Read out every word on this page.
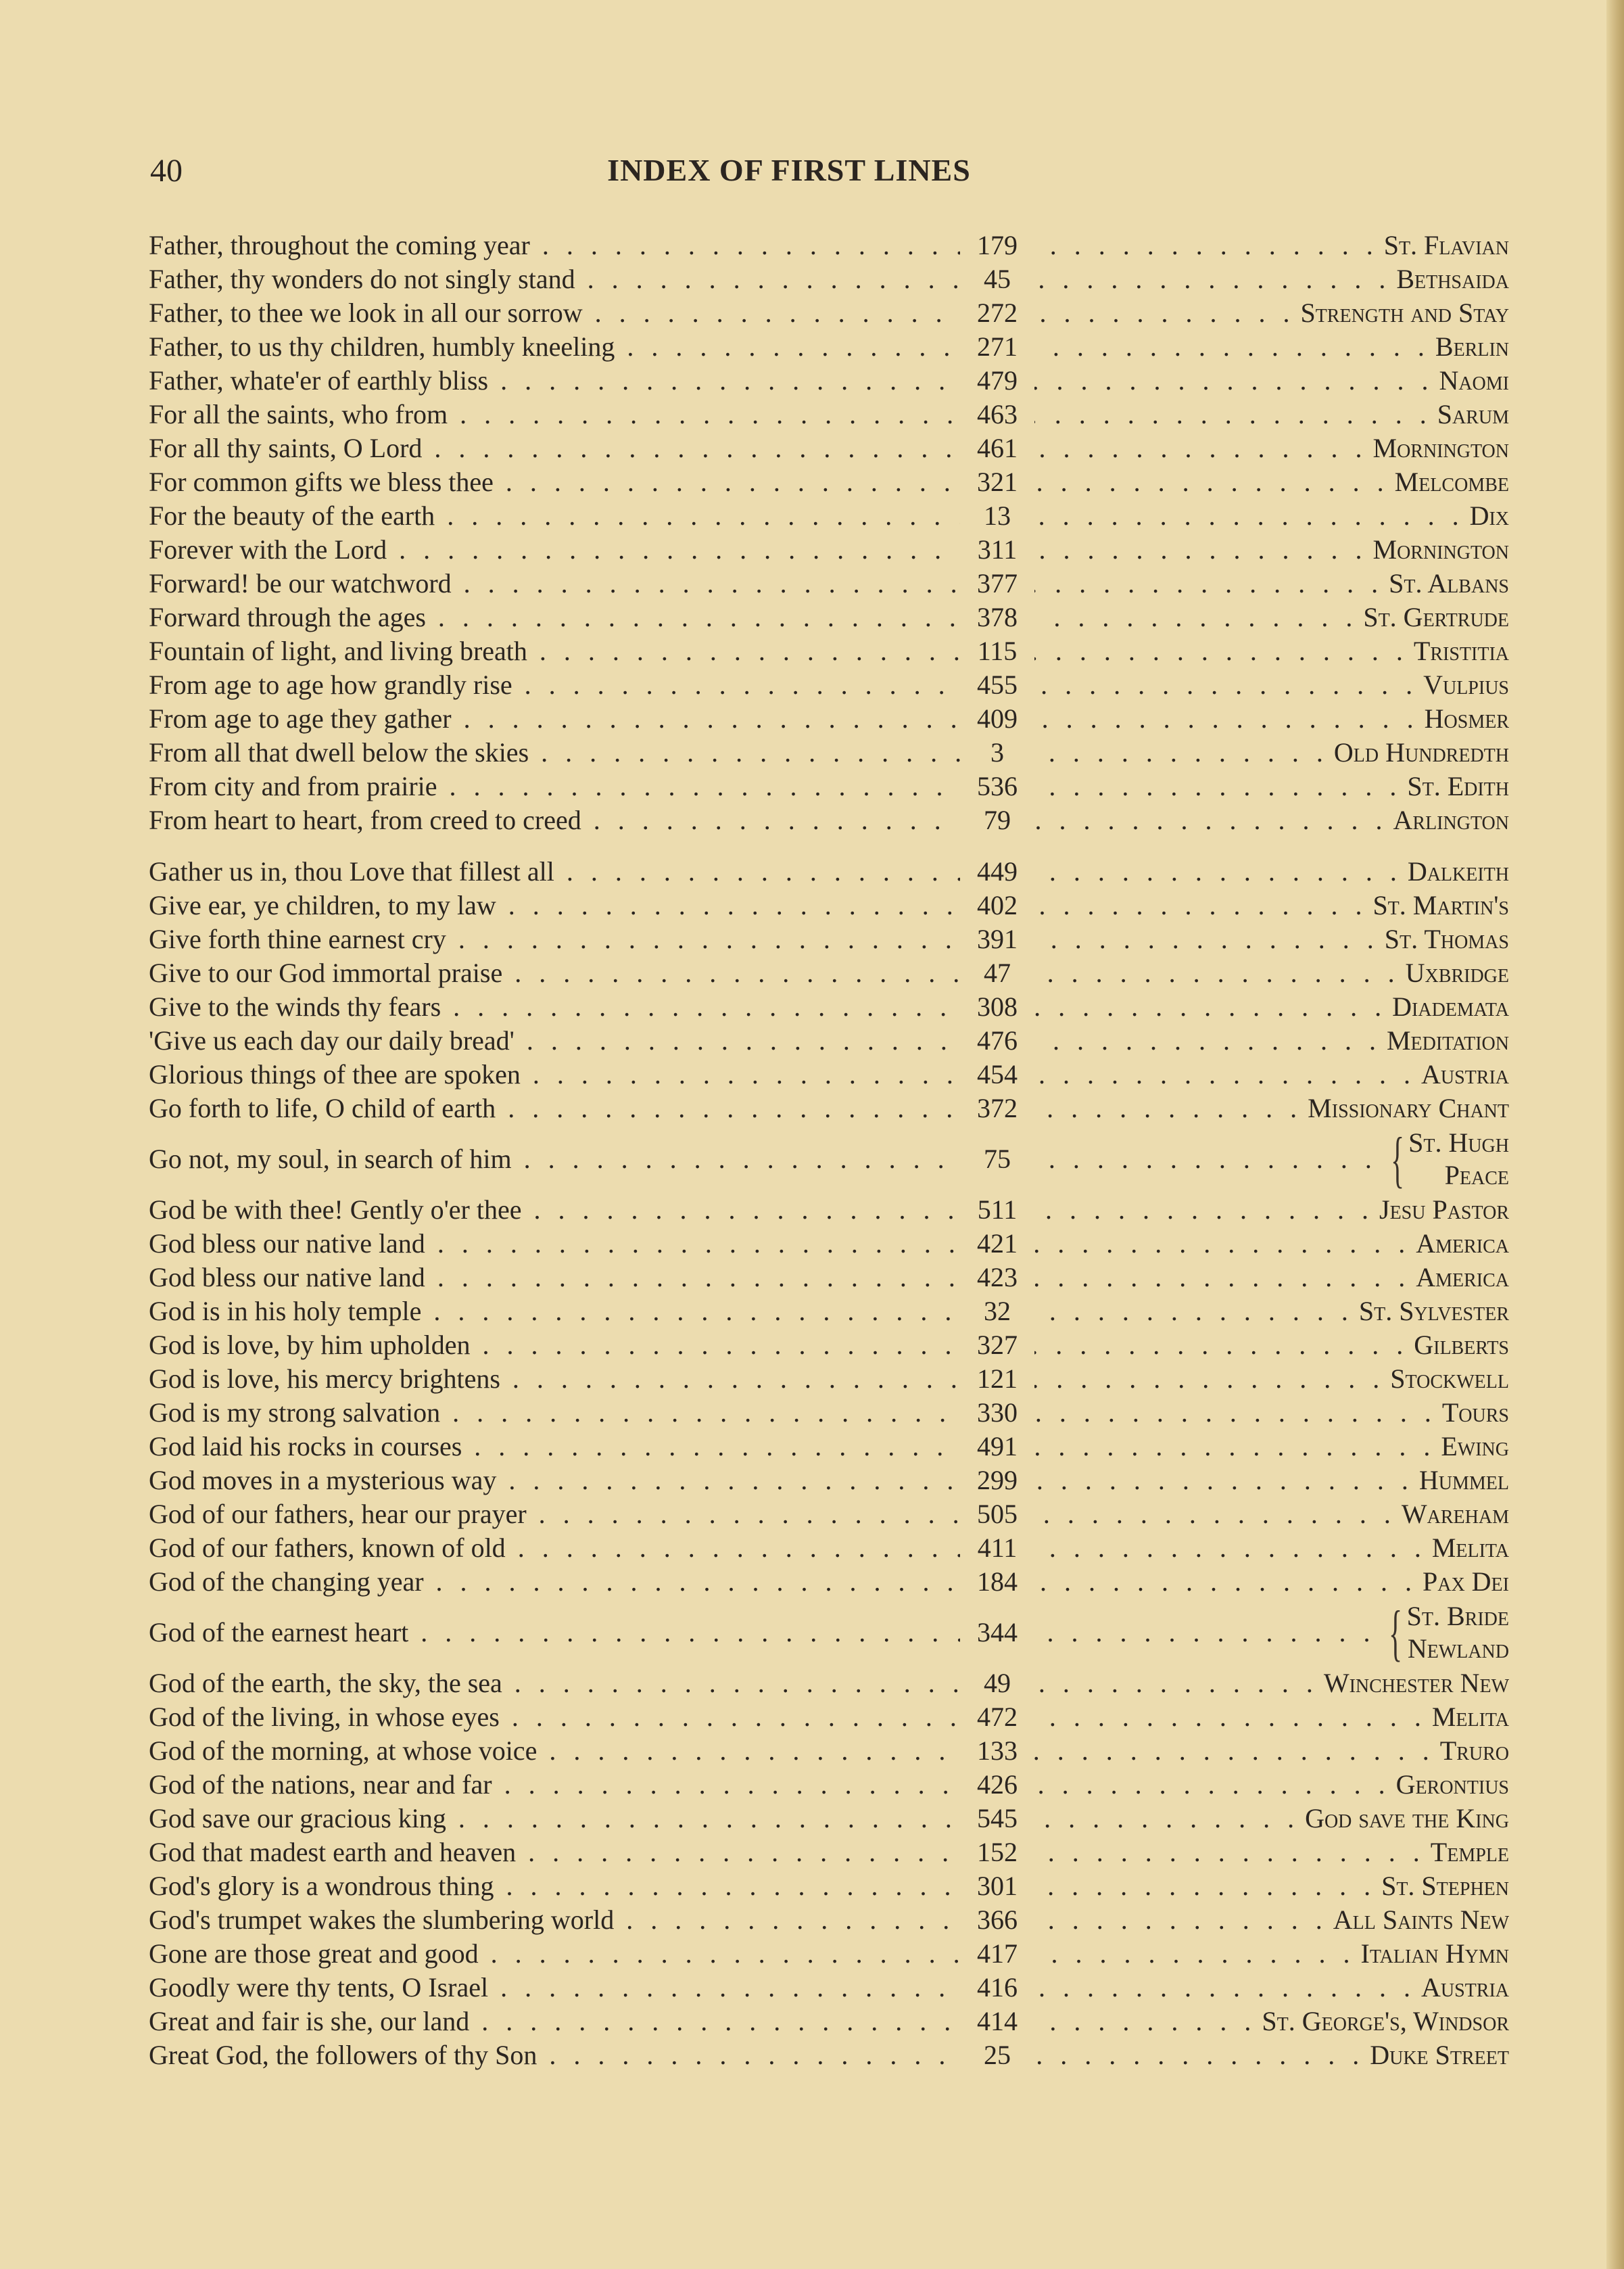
40	INDEX OF FIRST LINES
Father, throughout the coming year . . .	179 . . .	St. Flavian
Father, thy wonders do not singly stand . . .	45 . . .	Bethsaida
Father, to thee we look in all our sorrow . . .	272 . . .	Strength and Stay
Father, to us thy children, humbly kneeling . . .	271 . . .	Berlin
Father, whate'er of earthly bliss . . .	479 . . .	Naomi
For all the saints, who from . . .	463 . . .	Sarum
For all thy saints, O Lord . . .	461 . . .	Mornington
For common gifts we bless thee . . .	321 . . .	Melcombe
For the beauty of the earth . . .	13 . . .	Dix
Forever with the Lord . . .	311 . . .	Mornington
Forward! be our watchword . . .	377 . . .	St. Albans
Forward through the ages . . .	378 . . .	St. Gertrude
Fountain of light, and living breath . . .	115 . . .	Tristitia
From age to age how grandly rise . . .	455 . . .	Vulpius
From age to age they gather . . .	409 . . .	Hosmer
From all that dwell below the skies . . .	3 . . .	Old Hundredth
From city and from prairie . . .	536 . . .	St. Edith
From heart to heart, from creed to creed . . .	79 . . .	Arlington
Gather us in, thou Love that fillest all . . .	449 . . .	Dalkeith
Give ear, ye children, to my law . . .	402 . . .	St. Martin's
Give forth thine earnest cry . . .	391 . . .	St. Thomas
Give to our God immortal praise . . .	47 . . .	Uxbridge
Give to the winds thy fears . . .	308 . . .	Diademata
'Give us each day our daily bread' . . .	476 . . .	Meditation
Glorious things of thee are spoken . . .	454 . . .	Austria
Go forth to life, O child of earth . . .	372 . . .	Missionary Chant
Go not, my soul, in search of him . . .	75 . . .	{ St. Hugh
Peace
God be with thee! Gently o'er thee . . .	511 . . .	Jesu Pastor
God bless our native land . . .	421 . . .	America
God bless our native land . . .	423 . . .	America
God is in his holy temple . . .	32 . . .	St. Sylvester
God is love, by him upholden . . .	327 . . .	Gilberts
God is love, his mercy brightens . . .	121 . . .	Stockwell
God is my strong salvation . . .	330 . . .	Tours
God laid his rocks in courses . . .	491 . . .	Ewing
God moves in a mysterious way . . .	299 . . .	Hummel
God of our fathers, hear our prayer . . .	505 . . .	Wareham
God of our fathers, known of old . . .	411 . . .	Melita
God of the changing year . . .	184 . . .	Pax Dei
God of the earnest heart . . .	344 . . .	{ St. Bride
Newland
God of the earth, the sky, the sea . . .	49 . . .	Winchester New
God of the living, in whose eyes . . .	472 . . .	Melita
God of the morning, at whose voice . . .	133 . . .	Truro
God of the nations, near and far . . .	426 . . .	Gerontius
God save our gracious king . . .	545 . . .	God save the King
God that madest earth and heaven . . .	152 . . .	Temple
God's glory is a wondrous thing . . .	301 . . .	St. Stephen
God's trumpet wakes the slumbering world . . .	366 . . .	All Saints New
Gone are those great and good . . .	417 . . .	Italian Hymn
Goodly were thy tents, O Israel . . .	416 . . .	Austria
Great and fair is she, our land . . .	414 . . .	St. George's, Windsor
Great God, the followers of thy Son . . .	25 . . .	Duke Street
